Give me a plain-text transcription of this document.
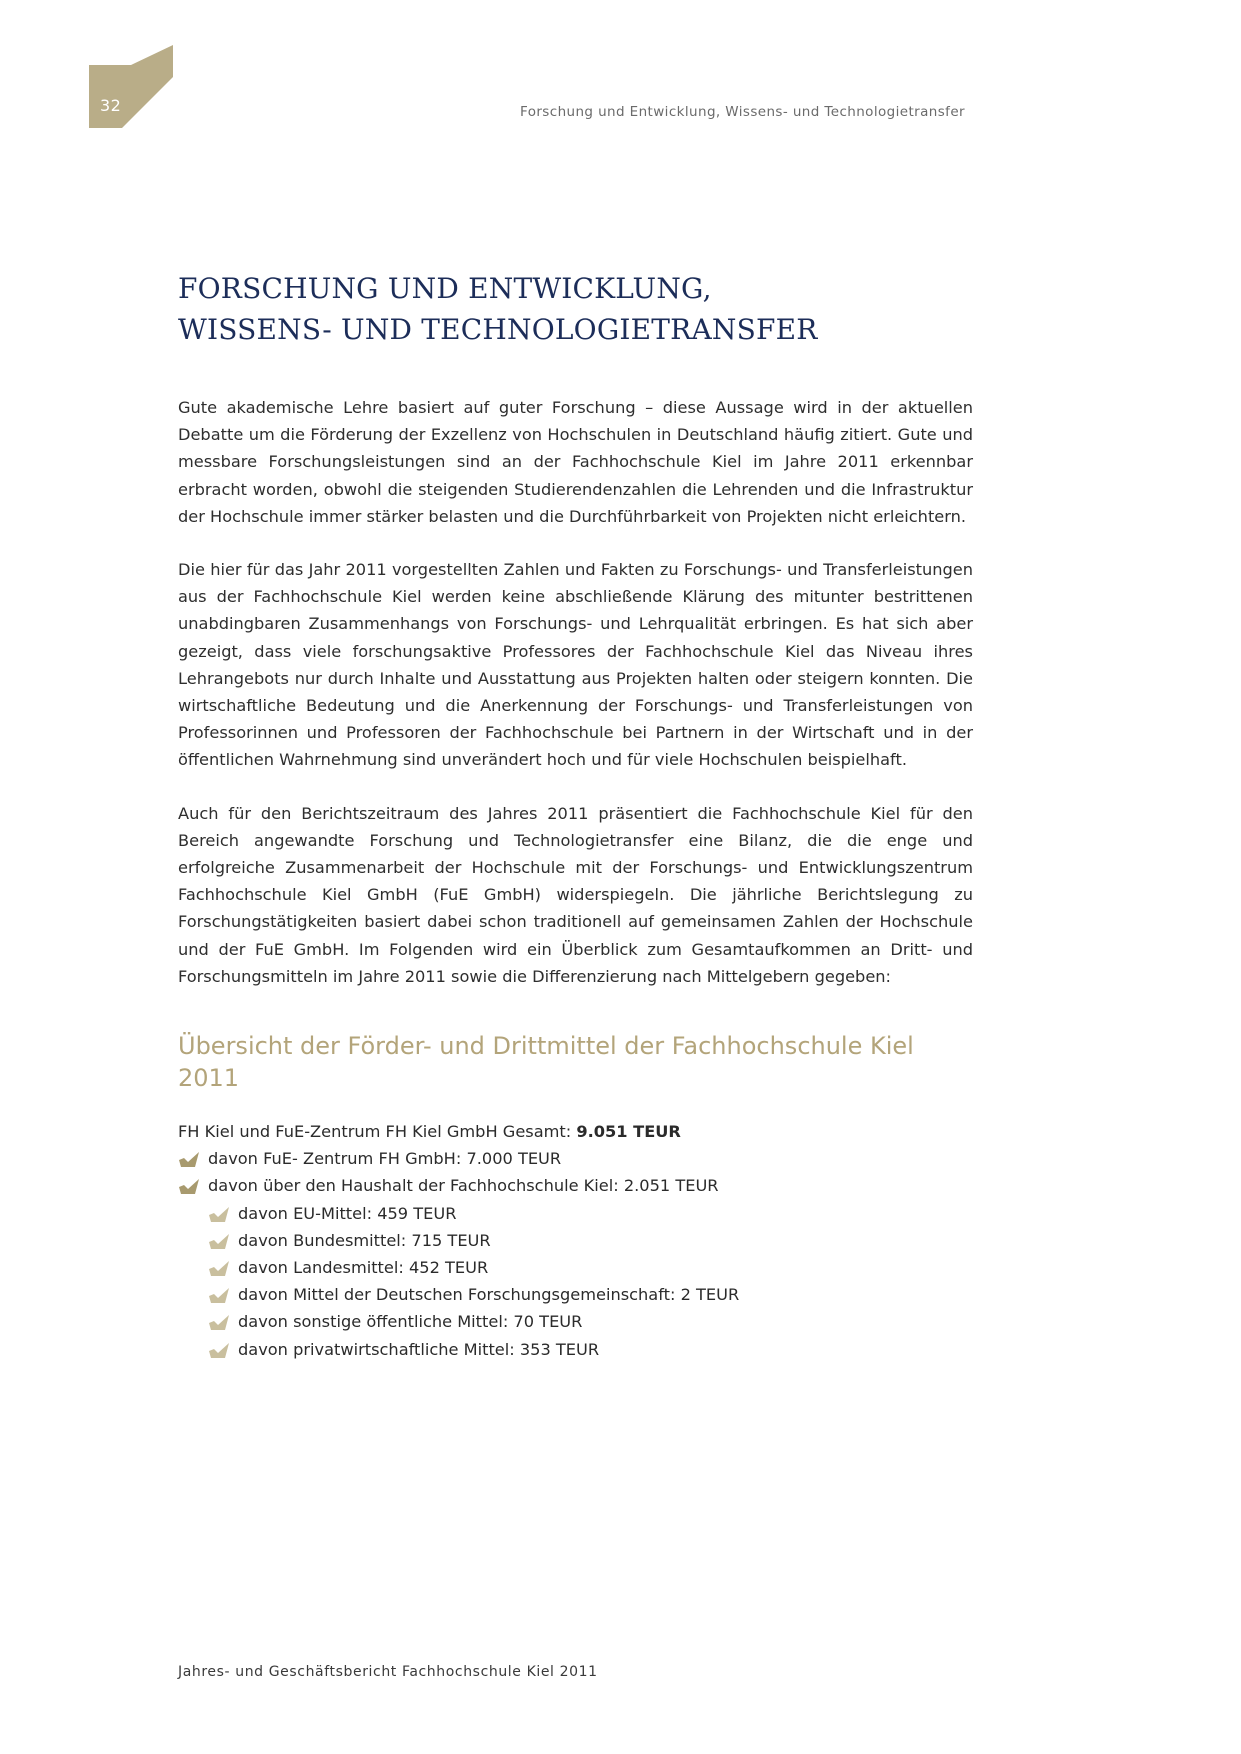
32	Forschung und Entwicklung, Wissens- und Technologietransfer
FORSCHUNG UND ENTWICKLUNG,
WISSENS- UND TECHNOLOGIETRANSFER

Gute akademische Lehre basiert auf guter Forschung – diese Aussage wird in der aktuellen Debatte um die Förderung der Exzellenz von Hochschulen in Deutschland häufig zitiert. Gute und messbare Forschungsleistungen sind an der Fachhochschule Kiel im Jahre 2011 erkennbar erbracht worden, obwohl die steigenden Studierendenzahlen die Lehrenden und die Infrastruktur der Hochschule immer stärker belasten und die Durchführbarkeit von Projekten nicht erleichtern.

Die hier für das Jahr 2011 vorgestellten Zahlen und Fakten zu Forschungs- und Transferleistungen aus der Fachhochschule Kiel werden keine abschließende Klärung des mitunter bestrittenen unabdingbaren Zusammenhangs von Forschungs- und Lehrqualität erbringen. Es hat sich aber gezeigt, dass viele forschungsaktive Professores der Fachhochschule Kiel das Niveau ihres Lehrangebots nur durch Inhalte und Ausstattung aus Projekten halten oder steigern konnten. Die wirtschaftliche Bedeutung und die Anerkennung der Forschungs- und Transferleistungen von Professorinnen und Professoren der Fachhochschule bei Partnern in der Wirtschaft und in der öffentlichen Wahrnehmung sind unverändert hoch und für viele Hochschulen beispielhaft.

Auch für den Berichtszeitraum des Jahres 2011 präsentiert die Fachhochschule Kiel für den Bereich angewandte Forschung und Technologietransfer eine Bilanz, die die enge und erfolgreiche Zusammenarbeit der Hochschule mit der Forschungs- und Entwicklungszentrum Fachhochschule Kiel GmbH (FuE GmbH) widerspiegeln. Die jährliche Berichtslegung zu Forschungstätigkeiten basiert dabei schon traditionell auf gemeinsamen Zahlen der Hochschule und der FuE GmbH. Im Folgenden wird ein Überblick zum Gesamtaufkommen an Dritt- und Forschungsmitteln im Jahre 2011 sowie die Differenzierung nach Mittelgebern gegeben:

Übersicht der Förder- und Drittmittel der Fachhochschule Kiel 2011

FH Kiel und FuE-Zentrum FH Kiel GmbH Gesamt: 9.051 TEUR

davon FuE- Zentrum FH GmbH: 7.000 TEUR
davon über den Haushalt der Fachhochschule Kiel: 2.051 TEUR
davon EU-Mittel: 459 TEUR
davon Bundesmittel: 715 TEUR
davon Landesmittel: 452 TEUR
davon Mittel der Deutschen Forschungsgemeinschaft: 2 TEUR
davon sonstige öffentliche Mittel: 70 TEUR
davon privatwirtschaftliche Mittel: 353 TEUR
Jahres- und Geschäftsbericht Fachhochschule Kiel 2011
